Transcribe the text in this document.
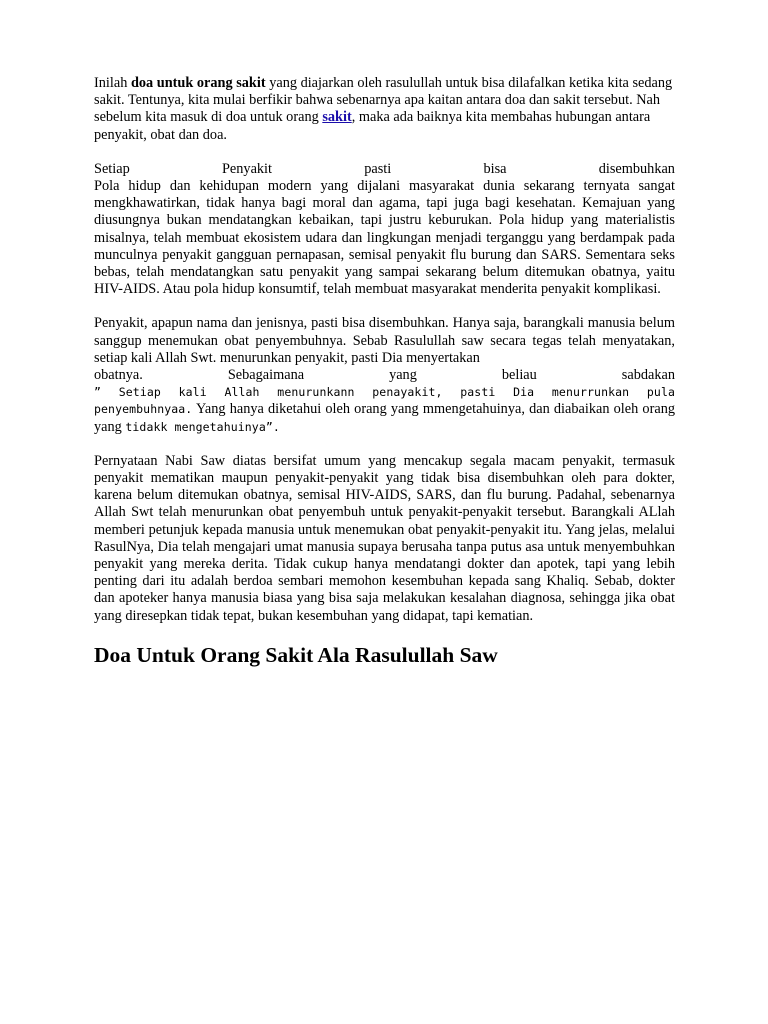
Inilah doa untuk orang sakit yang diajarkan oleh rasulullah untuk bisa dilafalkan ketika kita sedang sakit. Tentunya, kita mulai berfikir bahwa sebenarnya apa kaitan antara doa dan sakit tersebut. Nah sebelum kita masuk di doa untuk orang sakit, maka ada baiknya kita membahas hubungan antara penyakit, obat dan doa.

Setiap	Penyakit	pasti	bisa	disembuhkan
Pola hidup dan kehidupan modern yang dijalani masyarakat dunia sekarang ternyata sangat mengkhawatirkan, tidak hanya bagi moral dan agama, tapi juga bagi kesehatan. Kemajuan yang diusungnya bukan mendatangkan kebaikan, tapi justru keburukan. Pola hidup yang materialistis misalnya, telah membuat ekosistem udara dan lingkungan menjadi terganggu yang berdampak pada munculnya penyakit gangguan pernapasan, semisal penyakit flu burung dan SARS. Sementara seks bebas, telah mendatangkan satu penyakit yang sampai sekarang belum ditemukan obatnya, yaitu HIV-AIDS. Atau pola hidup konsumtif, telah membuat masyarakat menderita penyakit komplikasi.
Penyakit, apapun nama dan jenisnya, pasti bisa disembuhkan. Hanya saja, barangkali manusia belum sanggup menemukan obat penyembuhnya. Sebab Rasulullah saw secara tegas telah menyatakan, setiap kali Allah Swt. menurunkan penyakit, pasti Dia menyertakan
obatnya.	Sebagaimana	yang	beliau	sabdakan
” Setiap kali Allah menurunkann penayakit, pasti Dia menurrunkan pula penyembuhnyaa. Yang hanya diketahui oleh orang yang mmengetahuinya, dan diabaikan oleh orang yang tidakk mengetahuinya”.

Pernyataan Nabi Saw diatas bersifat umum yang mencakup segala macam penyakit, termasuk penyakit mematikan maupun penyakit-penyakit yang tidak bisa disembuhkan oleh para dokter, karena belum ditemukan obatnya, semisal HIV-AIDS, SARS, dan flu burung. Padahal, sebenarnya Allah Swt telah menurunkan obat penyembuh untuk penyakit-penyakit tersebut. Barangkali ALlah memberi petunjuk kepada manusia untuk menemukan obat penyakit-penyakit itu. Yang jelas, melalui RasulNya, Dia telah mengajari umat manusia supaya berusaha tanpa putus asa untuk menyembuhkan penyakit yang mereka derita. Tidak cukup hanya mendatangi dokter dan apotek, tapi yang lebih penting dari itu adalah berdoa sembari memohon kesembuhan kepada sang Khaliq. Sebab, dokter dan apoteker hanya manusia biasa yang bisa saja melakukan kesalahan diagnosa, sehingga jika obat yang diresepkan tidak tepat, bukan kesembuhan yang didapat, tapi kematian.

Doa Untuk Orang Sakit Ala Rasulullah Saw
